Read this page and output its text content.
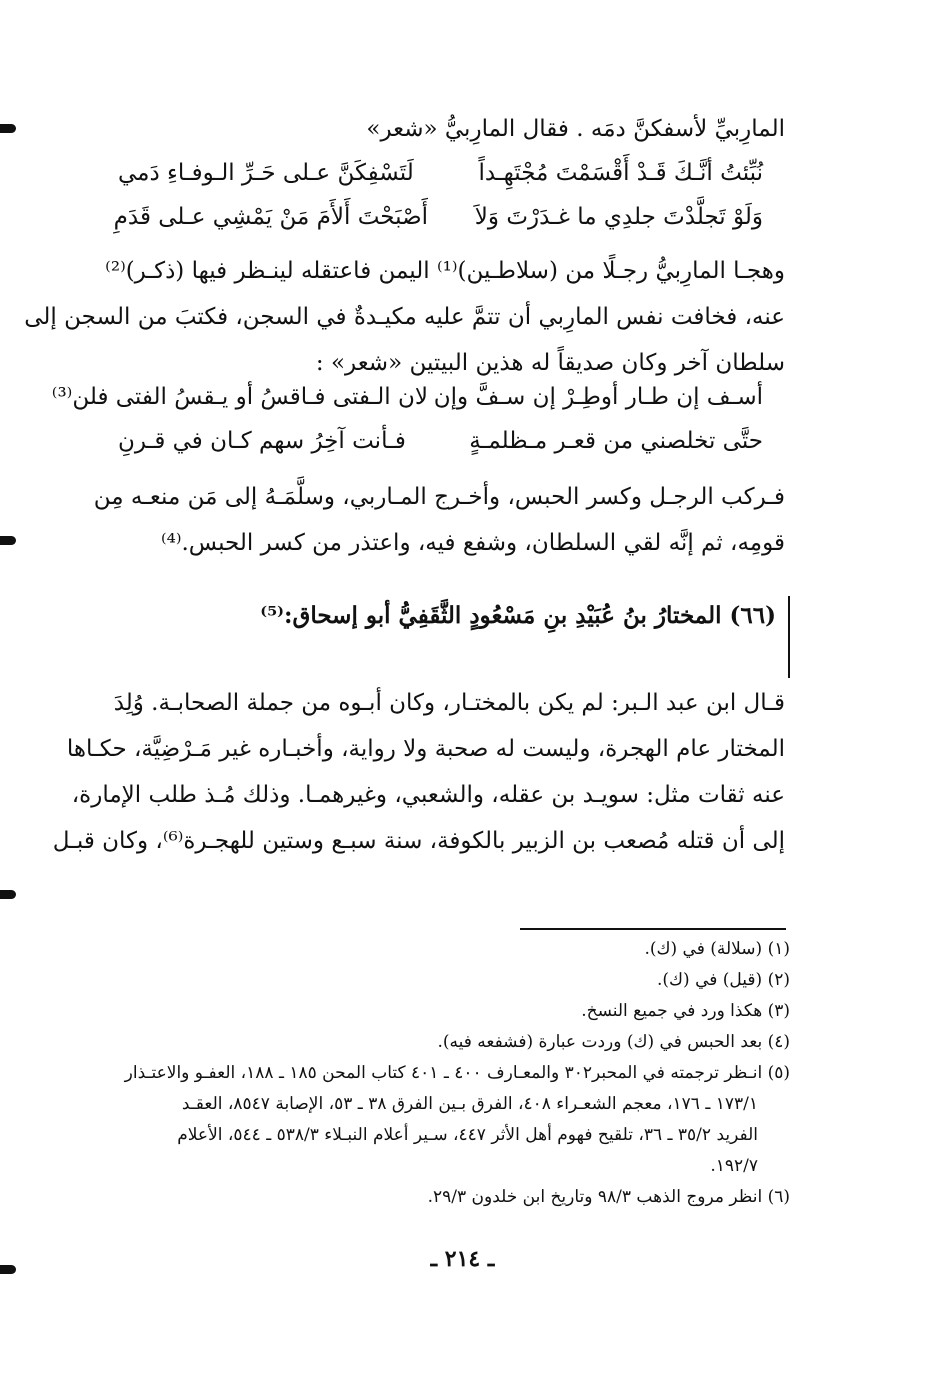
المارِبيِّ لأسفكنَّ دمَه . فقال المارِبيُّ «شعر»
نُبِّئتُ أنَّـكَ قَـدْ أَقْسَمْتَ مُجْتَهِـداً
لَتَسْفِكَنَّ عـلى حَـرِّ الـوفـاءِ دَمي
وَلَوْ تَجلَّدْتَ جلدِي ما غـدَرْتَ وَلاَ
أَصْبَحْتَ أَلأَمَ مَنْ يَمْشِي عـلى قَدَمِ
وهجـا المارِبيُّ رجـلًا من (سلاطـين)⁽¹⁾ اليمن فاعتقله لينـظر فيها (ذكـر)⁽²⁾
عنه، فخافت نفس المارِبي أن تتمَّ عليه مكيـدةٌ في السجن، فكتبَ من السجن إلى
سلطان آخر وكان صديقاً له هذين البيتين «شعر» :
أسـف إن طـار أوطِـرْ إن سـفَّ وإن
لان الـفتى فـاقسُ أو يـقسُ الفتى فلن⁽³⁾
حتَّى تخلصني من قعـر مـظلمـةٍ
فـأنت آخِرُ سهم كـان في قـرنِ
فـركب الرجـل وكسر الحبس، وأخـرج المـاربي، وسلَّمَـهُ إلى مَن منعـه مِن
قومِه، ثم إنَّه لقي السلطان، وشفع فيه، واعتذر من كسر الحبس.⁽⁴⁾
(٦٦) المختارُ بنُ عُبَيْدِ بنِ مَسْعُودٍ الثَّقَفِيُّ أبو إسحاق:⁽⁵⁾
قـال ابن عبد الـبر: لم يكن بالمختـار، وكان أبـوه من جملة الصحابـة. وُلِدَ
المختار عام الهجرة، وليست له صحبة ولا رواية، وأخبـاره غير مَـرْضِيَّة، حكـاها
عنه ثقات مثل: سويـد بن عقله، والشعبي، وغيرهمـا. وذلك مُـذ طلب الإمارة،
إلى أن قتله مُصعب بن الزبير بالكوفة، سنة سبـع وستين للهجـرة⁽⁶⁾، وكان قبـل
(١) (سلالة) في (ك).
(٢) (قيل) في (ك).
(٣) هكذا ورد في جميع النسخ.
(٤) بعد الحبس في (ك) وردت عبارة (فشفعه فيه).
(٥) انـظر ترجمته في المحبر٣٠٢ والمعـارف ٤٠٠ ـ ٤٠١ كتاب المحن ١٨٥ ـ ١٨٨، العفـو والاعتـذار
١٧٣/١ ـ ١٧٦، معجم الشعـراء ٤٠٨، الفرق بـين الفرق ٣٨ ـ ٥٣، الإصابة ٨٥٤٧، العقـد
الفريد ٣٥/٢ ـ ٣٦، تلقيح فهوم أهل الأثر ٤٤٧، سـير أعلام النبـلاء ٥٣٨/٣ ـ ٥٤٤، الأعلام
١٩٢/٧.
(٦) انظر مروج الذهب ٩٨/٣ وتاريخ ابن خلدون ٢٩/٣.
ـ ٢١٤ ـ
